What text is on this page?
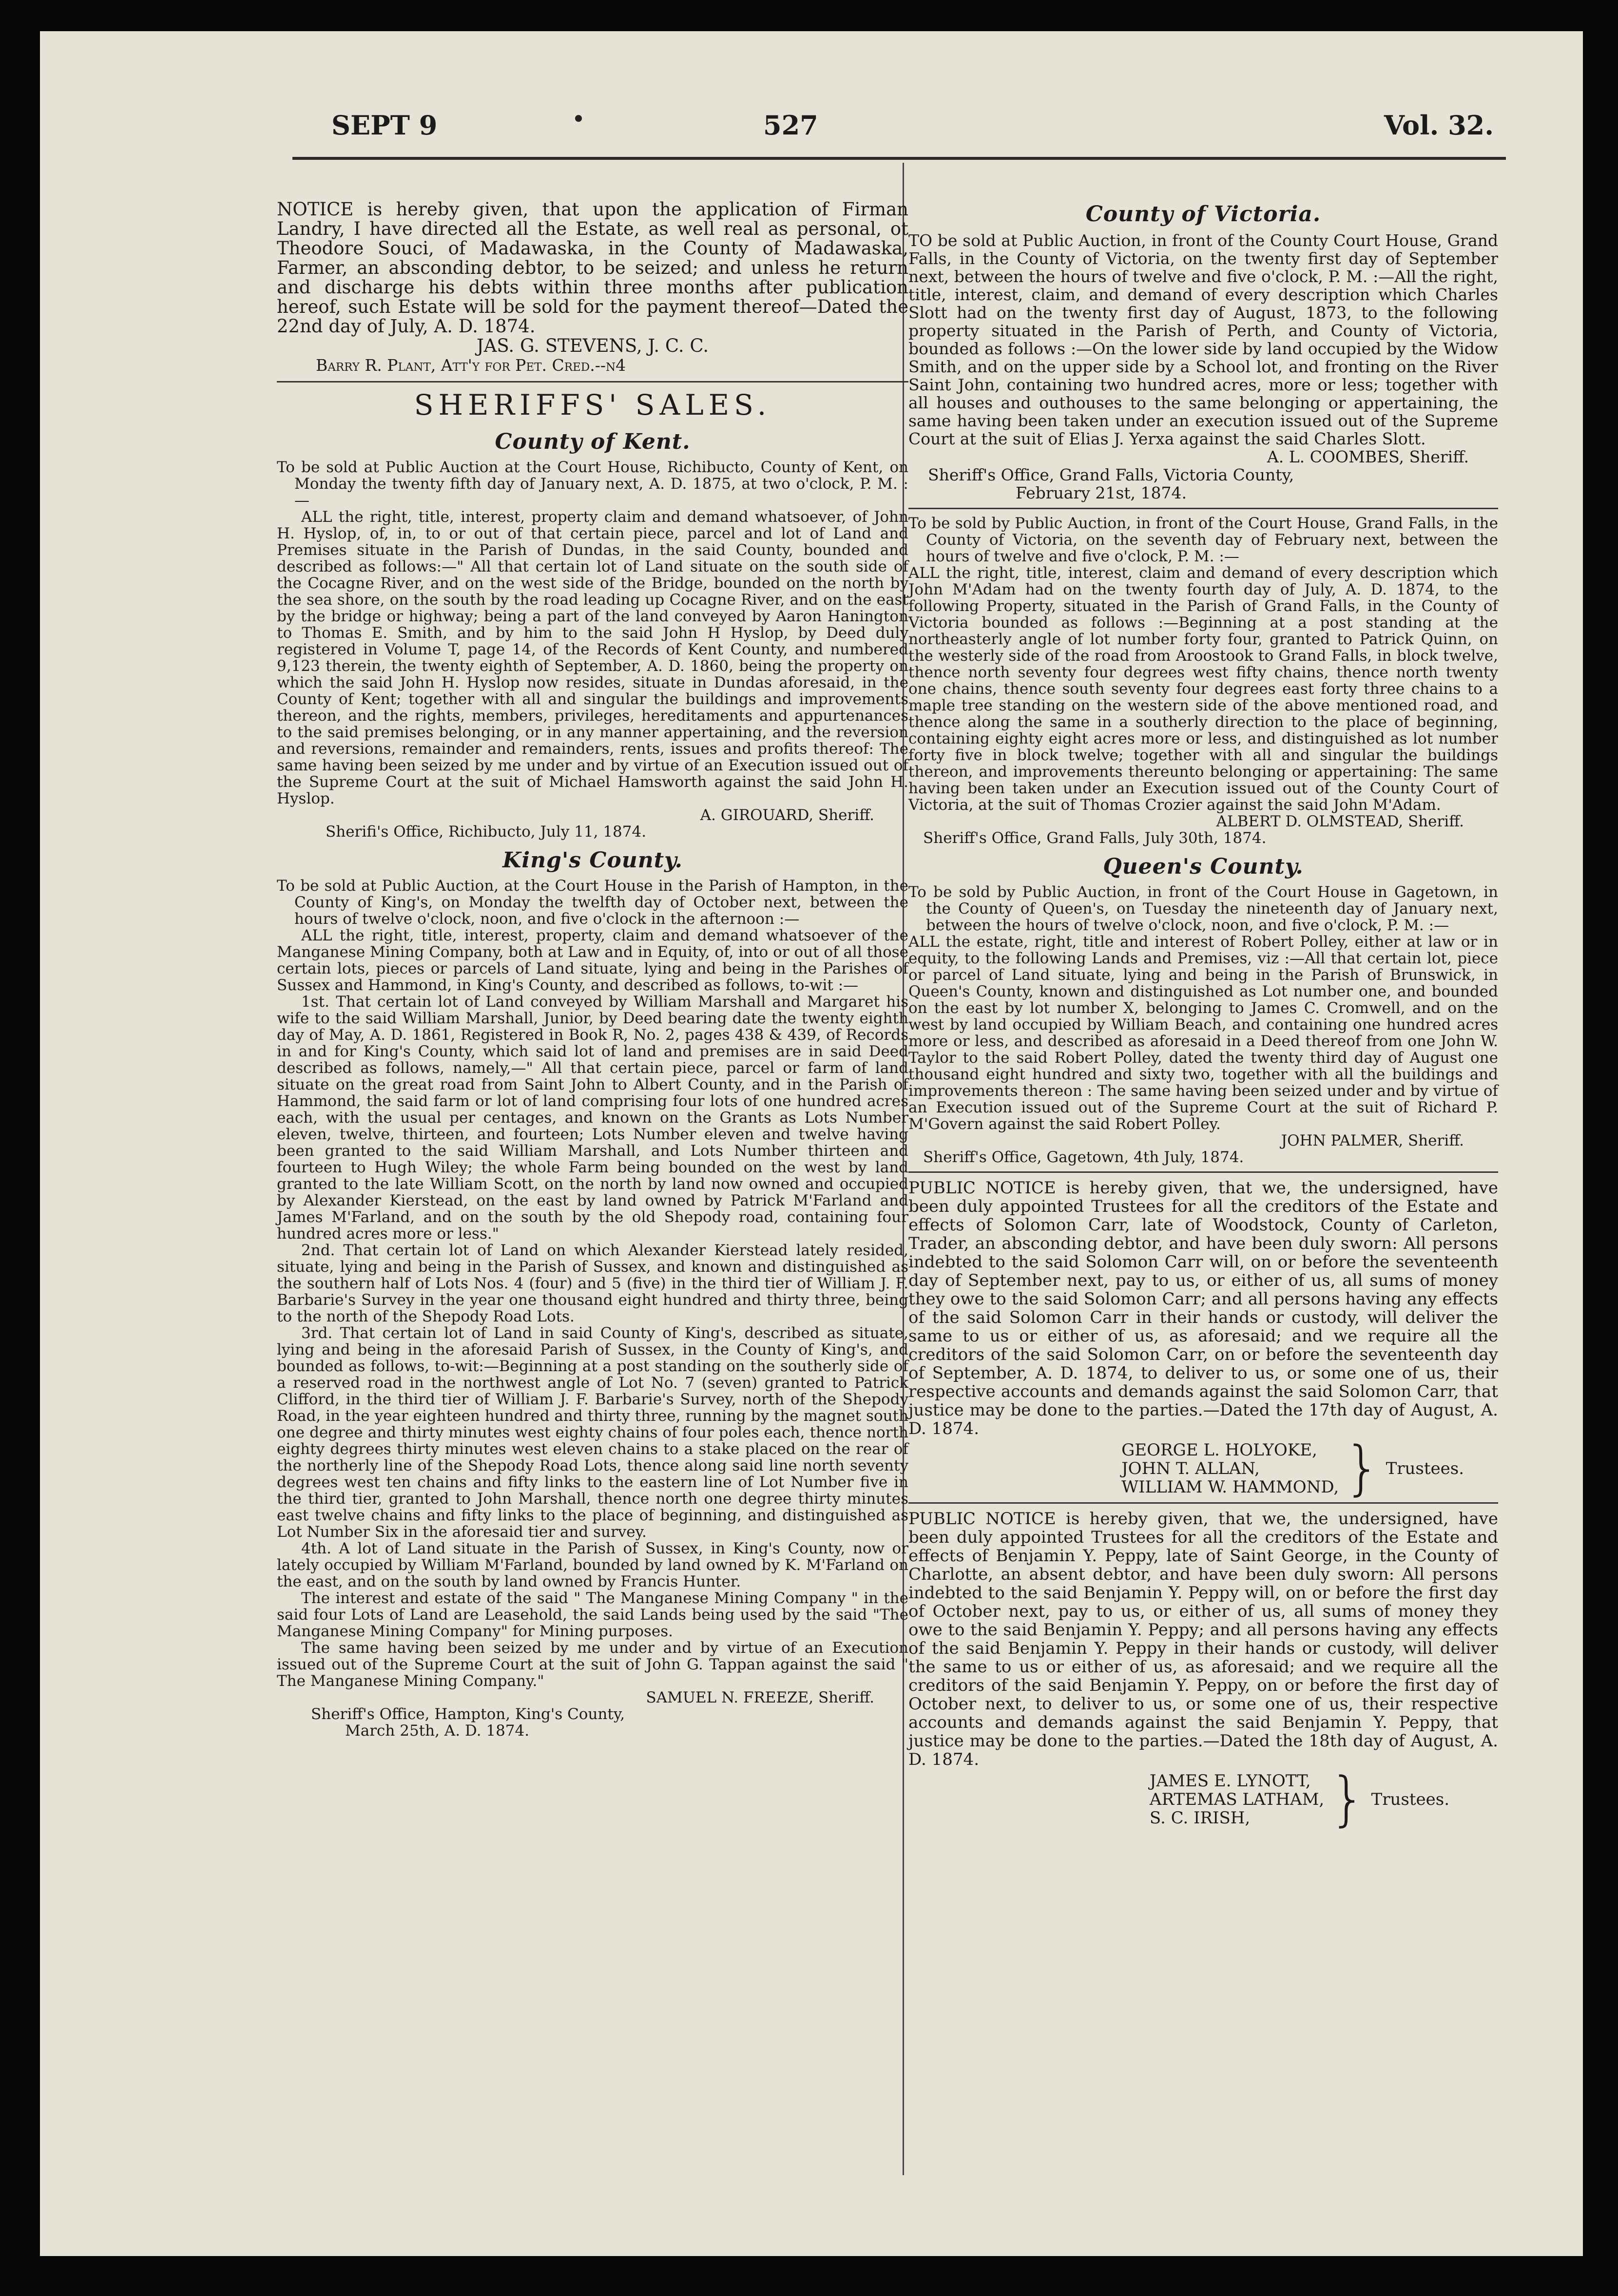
SEPT 9	527	Vol. 32.

NOTICE is hereby given, that upon the application of Firman Landry, I have directed all the Estate, as well real as personal, ot Theodore Souci, of Madawaska, in the County of Madawaska, Farmer, an absconding debtor, to be seized; and unless he return and discharge his debts within three months after publication hereof, such Estate will be sold for the payment thereof—Dated the 22nd day of July, A. D. 1874.

JAS. G. STEVENS, J. C. C.

Barry R. Plant, Att'y for Pet. Cred.--n4

SHERIFFS' SALES.
County of Kent.

To be sold at Public Auction at the Court House, Richibucto, County of Kent, on Monday the twenty fifth day of January next, A. D. 1875, at two o'clock, P. M. :—

ALL the right, title, interest, property claim and demand whatsoever, of John H. Hyslop, of, in, to or out of that certain piece, parcel and lot of Land and Premises situate in the Parish of Dundas, in the said County, bounded and described as follows:—" All that certain lot of Land situate on the south side of the Cocagne River, and on the west side of the Bridge, bounded on the north by the sea shore, on the south by the road leading up Cocagne River, and on the east by the bridge or highway; being a part of the land conveyed by Aaron Hanington to Thomas E. Smith, and by him to the said John H Hyslop, by Deed duly registered in Volume T, page 14, of the Records of Kent County, and numbered 9,123 therein, the twenty eighth of September, A. D. 1860, being the property on which the said John H. Hyslop now resides, situate in Dundas aforesaid, in the County of Kent; together with all and singular the buildings and improvements thereon, and the rights, members, privileges, hereditaments and appurtenances to the said premises belonging, or in any manner appertaining, and the reversion and reversions, remainder and remainders, rents, issues and profits thereof: The same having been seized by me under and by virtue of an Execution issued out of the Supreme Court at the suit of Michael Hamsworth against the said John H. Hyslop.

A. GIROUARD, Sheriff.

Sherifi's Office, Richibucto, July 11, 1874.

King's County.

To be sold at Public Auction, at the Court House in the Parish of Hampton, in the County of King's, on Monday the twelfth day of October next, between the hours of twelve o'clock, noon, and five o'clock in the afternoon :—

ALL the right, title, interest, property, claim and demand whatsoever of the Manganese Mining Company, both at Law and in Equity, of, into or out of all those certain lots, pieces or parcels of Land situate, lying and being in the Parishes of Sussex and Hammond, in King's County, and described as follows, to-wit :—

1st. That certain lot of Land conveyed by William Marshall and Margaret his wife to the said William Marshall, Junior, by Deed bearing date the twenty eighth day of May, A. D. 1861, Registered in Book R, No. 2, pages 438 & 439, of Records in and for King's County, which said lot of land and premises are in said Deed described as follows, namely,—" All that certain piece, parcel or farm of land situate on the great road from Saint John to Albert County, and in the Parish of Hammond, the said farm or lot of land comprising four lots of one hundred acres each, with the usual per centages, and known on the Grants as Lots Number eleven, twelve, thirteen, and fourteen; Lots Number eleven and twelve having been granted to the said William Marshall, and Lots Number thirteen and fourteen to Hugh Wiley; the whole Farm being bounded on the west by land granted to the late William Scott, on the north by land now owned and occupied by Alexander Kierstead, on the east by land owned by Patrick M'Farland and James M'Farland, and on the south by the old Shepody road, containing four hundred acres more or less."

2nd. That certain lot of Land on which Alexander Kierstead lately resided, situate, lying and being in the Parish of Sussex, and known and distinguished as the southern half of Lots Nos. 4 (four) and 5 (five) in the third tier of William J. F. Barbarie's Survey in the year one thousand eight hundred and thirty three, being to the north of the Shepody Road Lots.

3rd. That certain lot of Land in said County of King's, described as situate, lying and being in the aforesaid Parish of Sussex, in the County of King's, and bounded as follows, to-wit:—Beginning at a post standing on the southerly side of a reserved road in the northwest angle of Lot No. 7 (seven) granted to Patrick Clifford, in the third tier of William J. F. Barbarie's Survey, north of the Shepody Road, in the year eighteen hundred and thirty three, running by the magnet south one degree and thirty minutes west eighty chains of four poles each, thence north eighty degrees thirty minutes west eleven chains to a stake placed on the rear of the northerly line of the Shepody Road Lots, thence along said line north seventy degrees west ten chains and fifty links to the eastern line of Lot Number five in the third tier, granted to John Marshall, thence north one degree thirty minutes east twelve chains and fifty links to the place of beginning, and distinguished as Lot Number Six in the aforesaid tier and survey.

4th. A lot of Land situate in the Parish of Sussex, in King's County, now or lately occupied by William M'Farland, bounded by land owned by K. M'Farland on the east, and on the south by land owned by Francis Hunter.

The interest and estate of the said " The Manganese Mining Company " in the said four Lots of Land are Leasehold, the said Lands being used by the said "The Manganese Mining Company" for Mining purposes.

The same having been seized by me under and by virtue of an Execution issued out of the Supreme Court at the suit of John G. Tappan against the said " The Manganese Mining Company."

SAMUEL N. FREEZE, Sheriff.

Sheriff's Office, Hampton, King's County,

March 25th, A. D. 1874.

County of Victoria.

TO be sold at Public Auction, in front of the County Court House, Grand Falls, in the County of Victoria, on the twenty first day of September next, between the hours of twelve and five o'clock, P. M. :—All the right, title, interest, claim, and demand of every description which Charles Slott had on the twenty first day of August, 1873, to the following property situated in the Parish of Perth, and County of Victoria, bounded as follows :—On the lower side by land occupied by the Widow Smith, and on the upper side by a School lot, and fronting on the River Saint John, containing two hundred acres, more or less; together with all houses and outhouses to the same belonging or appertaining, the same having been taken under an execution issued out of the Supreme Court at the suit of Elias J. Yerxa against the said Charles Slott.

A. L. COOMBES, Sheriff.

Sheriff's Office, Grand Falls, Victoria County,

February 21st, 1874.

To be sold by Public Auction, in front of the Court House, Grand Falls, in the County of Victoria, on the seventh day of February next, between the hours of twelve and five o'clock, P. M. :—

ALL the right, title, interest, claim and demand of every description which John M'Adam had on the twenty fourth day of July, A. D. 1874, to the following Property, situated in the Parish of Grand Falls, in the County of Victoria bounded as follows :—Beginning at a post standing at the northeasterly angle of lot number forty four, granted to Patrick Quinn, on the westerly side of the road from Aroostook to Grand Falls, in block twelve, thence north seventy four degrees west fifty chains, thence north twenty one chains, thence south seventy four degrees east forty three chains to a maple tree standing on the western side of the above mentioned road, and thence along the same in a southerly direction to the place of beginning, containing eighty eight acres more or less, and distinguished as lot number forty five in block twelve; together with all and singular the buildings thereon, and improvements thereunto belonging or appertaining: The same having been taken under an Execution issued out of the County Court of Victoria, at the suit of Thomas Crozier against the said John M'Adam.

ALBERT D. OLMSTEAD, Sheriff.

Sheriff's Office, Grand Falls, July 30th, 1874.

Queen's County.

To be sold by Public Auction, in front of the Court House in Gagetown, in the County of Queen's, on Tuesday the nineteenth day of January next, between the hours of twelve o'clock, noon, and five o'clock, P. M. :—

ALL the estate, right, title and interest of Robert Polley, either at law or in equity, to the following Lands and Premises, viz :—All that certain lot, piece or parcel of Land situate, lying and being in the Parish of Brunswick, in Queen's County, known and distinguished as Lot number one, and bounded on the east by lot number X, belonging to James C. Cromwell, and on the west by land occupied by William Beach, and containing one hundred acres more or less, and described as aforesaid in a Deed thereof from one John W. Taylor to the said Robert Polley, dated the twenty third day of August one thousand eight hundred and sixty two, together with all the buildings and improvements thereon : The same having been seized under and by virtue of an Execution issued out of the Supreme Court at the suit of Richard P. M'Govern against the said Robert Polley.

JOHN PALMER, Sheriff.

Sheriff's Office, Gagetown, 4th July, 1874.

PUBLIC NOTICE is hereby given, that we, the undersigned, have been duly appointed Trustees for all the creditors of the Estate and effects of Solomon Carr, late of Woodstock, County of Carleton, Trader, an absconding debtor, and have been duly sworn: All persons indebted to the said Solomon Carr will, on or before the seventeenth day of September next, pay to us, or either of us, all sums of money they owe to the said Solomon Carr; and all persons having any effects of the said Solomon Carr in their hands or custody, will deliver the same to us or either of us, as aforesaid; and we require all the creditors of the said Solomon Carr, on or before the seventeenth day of September, A. D. 1874, to deliver to us, or some one of us, their respective accounts and demands against the said Solomon Carr, that justice may be done to the parties.—Dated the 17th day of August, A. D. 1874.

GEORGE L. HOLYOKE,
JOHN T. ALLAN,
WILLIAM W. HAMMOND, } Trustees.

PUBLIC NOTICE is hereby given, that we, the undersigned, have been duly appointed Trustees for all the creditors of the Estate and effects of Benjamin Y. Peppy, late of Saint George, in the County of Charlotte, an absent debtor, and have been duly sworn: All persons indebted to the said Benjamin Y. Peppy will, on or before the first day of October next, pay to us, or either of us, all sums of money they owe to the said Benjamin Y. Peppy; and all persons having any effects of the said Benjamin Y. Peppy in their hands or custody, will deliver the same to us or either of us, as aforesaid; and we require all the creditors of the said Benjamin Y. Peppy, on or before the first day of October next, to deliver to us, or some one of us, their respective accounts and demands against the said Benjamin Y. Peppy, that justice may be done to the parties.—Dated the 18th day of August, A. D. 1874.

JAMES E. LYNOTT,
ARTEMAS LATHAM,
S. C. IRISH,	} Trustees.
